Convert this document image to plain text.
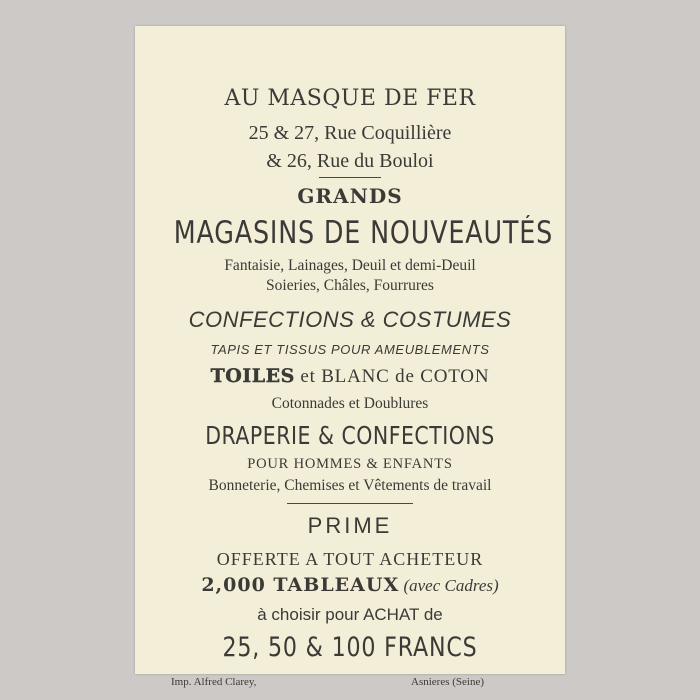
AU MASQUE DE FER
25 & 27, Rue Coquillière
& 26, Rue du Bouloi
GRANDS
MAGASINS DE NOUVEAUTÉS
Fantaisie, Lainages, Deuil et demi-Deuil
Soieries, Châles, Fourrures
CONFECTIONS & COSTUMES
TAPIS ET TISSUS POUR AMEUBLEMENTS
TOILES et BLANC de COTON
Cotonnades et Doublures
DRAPERIE & CONFECTIONS
POUR HOMMES & ENFANTS
Bonneterie, Chemises et Vêtements de travail
PRIME
OFFERTE A TOUT ACHETEUR
2,000 TABLEAUX (avec Cadres)
à choisir pour ACHAT de
25, 50 & 100 FRANCS
Imp. Alfred Clarey,	Asnieres (Seine)
